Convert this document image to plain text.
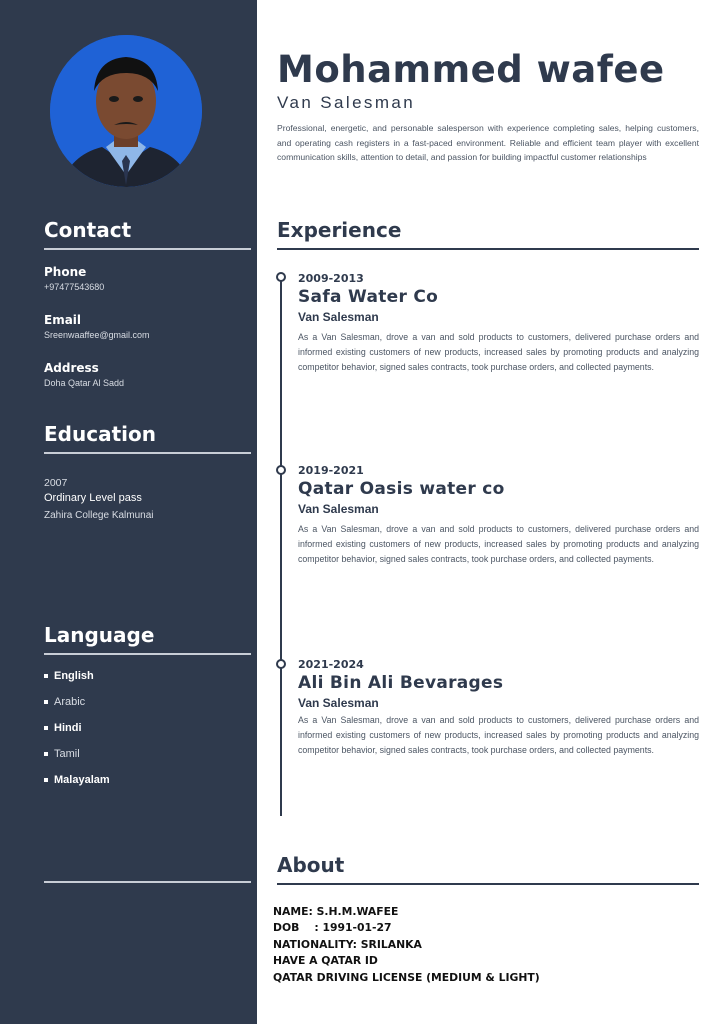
Contact
Phone
+97477543680
Email
Sreenwaaffee@gmail.com
Address
Doha Qatar Al Sadd
Education
2007
Ordinary Level pass
Zahira College Kalmunai
Language
English
Arabic
Hindi
Tamil
Malayalam
Mohammed wafee
Van Salesman
Professional, energetic, and personable salesperson with experience completing sales, helping customers, and operating cash registers in a fast-paced environment. Reliable and efficient team player with excellent communication skills, attention to detail, and passion for building impactful customer relationships
Experience
2009-2013
Safa Water Co
Van Salesman
As a Van Salesman, drove a van and sold products to customers, delivered purchase orders and informed existing customers of new products, increased sales by promoting products and analyzing competitor behavior, signed sales contracts, took purchase orders, and collected payments.
2019-2021
Qatar Oasis water co
Van Salesman
As a Van Salesman, drove a van and sold products to customers, delivered purchase orders and informed existing customers of new products, increased sales by promoting products and analyzing competitor behavior, signed sales contracts, took purchase orders, and collected payments.
2021-2024
Ali Bin Ali Bevarages
Van Salesman
As a Van Salesman, drove a van and sold products to customers, delivered purchase orders and informed existing customers of new products, increased sales by promoting products and analyzing competitor behavior, signed sales contracts, took purchase orders, and collected payments.
About
NAME: S.H.M.WAFEE
DOB    : 1991-01-27
NATIONALITY: SRILANKA
HAVE A QATAR ID
QATAR DRIVING LICENSE (MEDIUM & LIGHT)
